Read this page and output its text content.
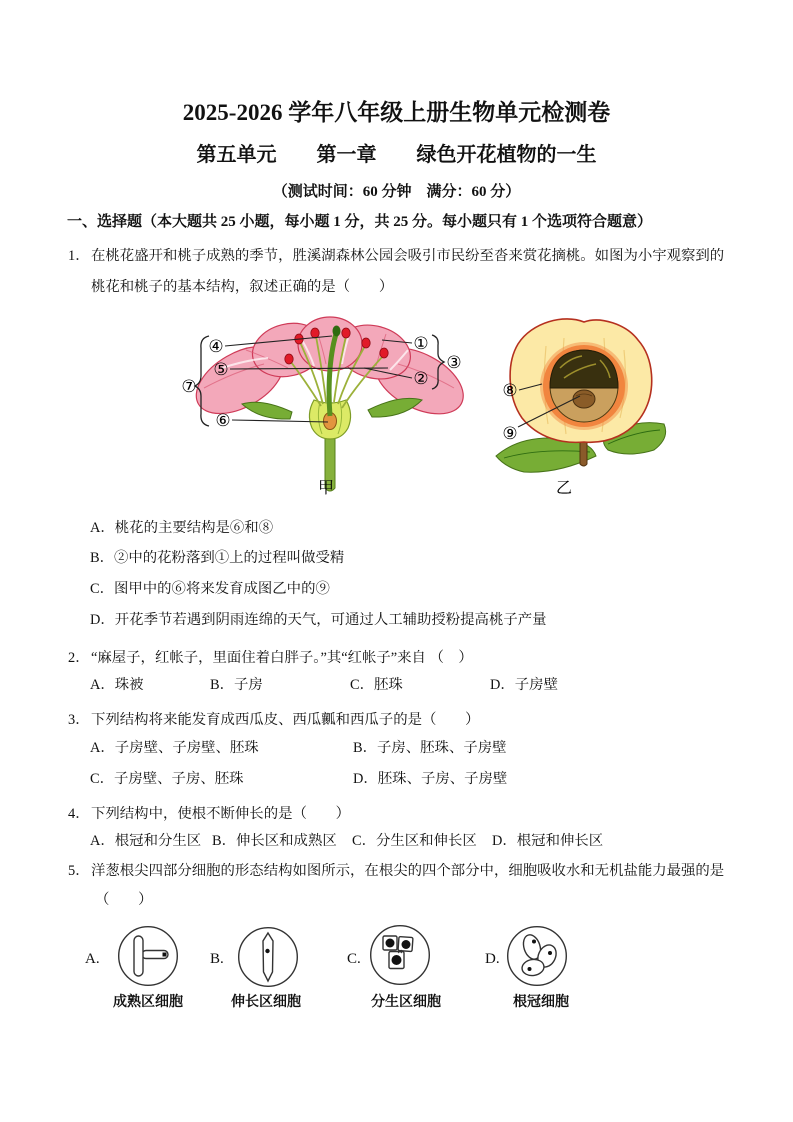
2025-2026 学年八年级上册生物单元检测卷
第五单元　　第一章　　绿色开花植物的一生
（测试时间：60 分钟　满分：60 分）
一、选择题（本大题共 25 小题，每小题 1 分，共 25 分。每小题只有 1 个选项符合题意）
1． 在桃花盛开和桃子成熟的季节，胜溪湖森林公园会吸引市民纷至沓来赏花摘桃。如图为小宇观察到的桃花和桃子的基本结构，叙述正确的是（　　）
④
⑤
⑦
⑥
①
③
②
⑧
⑨
甲	乙
A．桃花的主要结构是⑥和⑧
B．②中的花粉落到①上的过程叫做受精
C．图甲中的⑥将来发育成图乙中的⑨
D．开花季节若遇到阴雨连绵的天气，可通过人工辅助授粉提高桃子产量
2． “麻屋子，红帐子，里面住着白胖子。”其“红帐子”来自 （　）
A．珠被	B．子房	C．胚珠	D．子房壁
3． 下列结构将来能发育成西瓜皮、西瓜瓤和西瓜子的是（　　）
A．子房壁、子房壁、胚珠	B．子房、胚珠、子房壁
C．子房壁、子房、胚珠	D．胚珠、子房、子房壁
4． 下列结构中，使根不断伸长的是（　　）
A．根冠和分生区 B．伸长区和成熟区 C．分生区和伸长区 D．根冠和伸长区
5． 洋葱根尖四部分细胞的形态结构如图所示，在根尖的四个部分中，细胞吸收水和无机盐能力最强的是
（　　）
A.
成熟区细胞
B.
伸长区细胞
C.
分生区细胞
D.
根冠细胞
